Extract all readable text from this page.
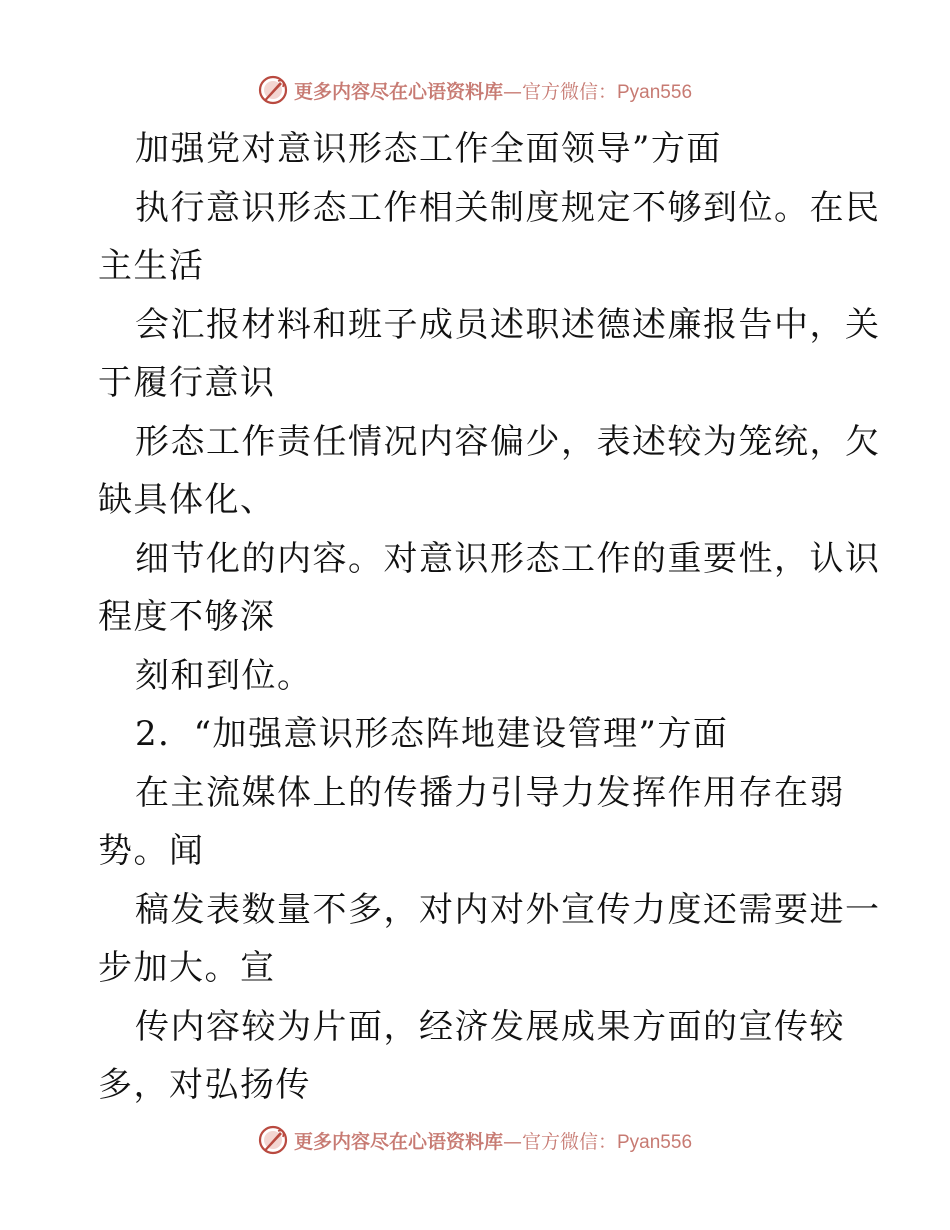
更多内容尽在心语资料库—官方微信：Pyan556
加强党对意识形态工作全面领导”方面
执行意识形态工作相关制度规定不够到位。在民
主生活
会汇报材料和班子成员述职述德述廉报告中，关
于履行意识
形态工作责任情况内容偏少，表述较为笼统，欠
缺具体化、
细节化的内容。对意识形态工作的重要性，认识
程度不够深
刻和到位。
2．“加强意识形态阵地建设管理”方面
在主流媒体上的传播力引导力发挥作用存在弱
势。闻
稿发表数量不多，对内对外宣传力度还需要进一
步加大。宣
传内容较为片面，经济发展成果方面的宣传较
多，对弘扬传
更多内容尽在心语资料库—官方微信：Pyan556
